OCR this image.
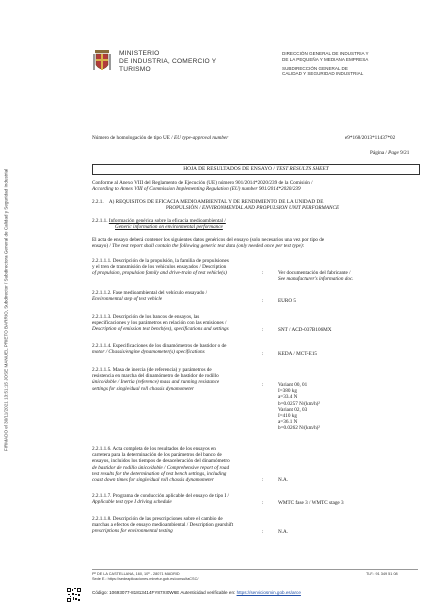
FIRMADO el 30/11/2021 13:51:15 JOSE MANUEL PRIETO BARRIO, Subdirector / Subdirectora General de Calidad y Seguridad Industrial
MINISTERIO
DE INDUSTRIA, COMERCIO Y
TURISMO
DIRECCIÓN GENERAL DE INDUSTRIA Y
DE LA PEQUEÑA Y MEDIANA EMPRESA
SUBDIRECCIÓN GENERAL DE
CALIDAD Y SEGURIDAD INDUSTRIAL
Número de homologación de tipo UE / EU type-approval number	e9*168/2013*11437*02
Página / Page 9/21
HOJA DE RESULTADOS DE ENSAYO / TEST RESULTS SHEET
Conforme al Anexo VIII del Reglamento de Ejecución (UE) número 901/2014*2020/239 de la Comisión /
According to Annex VIII of Commission Implementing Regulation (EU) number 901/2014*2020/239
2.2.1. A) REQUISITOS DE EFICACIA MEDIOAMBIENTAL Y DE RENDIMIENTO DE LA UNIDAD DE
PROPULSIÓN / ENVIRONMENTAL AND PROPULSION UNIT PERFORMANCE
2.2.1.1. Información genérica sobre la eficacia medioambiental /
Generic information on environmental performance
El acta de ensayo deberá contener los siguientes datos genéricos del ensayo (solo necesarios una vez por tipo de
ensayo) / The test report shall contain the following generic test data (only needed once per test type):
2.2.1.1.1. Descripción de la propulsión, la familia de propulsiones
y el tren de transmisión de los vehículos ensayados / Description
of propulsion, propulsion family and drive-train of test vehicle(s)	:	Ver documentación del fabricante /
See manufacturer's information doc.
2.2.1.1.2. Fase medioambiental del vehículo ensayado /
Environmental step of test vehicle	:	EURO 5
2.2.1.1.3. Descripción de los bancos de ensayos, las
especificaciones y los parámetros en relación con las emisiones /
Description of emission test bench(es), specifications and settings	:	SNT / ACD-037B106MX
2.2.1.1.4. Especificaciones de los dinamómetros de bastidor o de
motor / Chassis/engine dynamometer(s) specifications	:	KEDA / MCT-E15
2.2.1.1.5. Masa de inercia (de referencia) y parámetros de
resistencia en marcha del dinamómetro de bastidor de rodillo
único/doble / Inertia (reference) mass and running resistance
settings for single/dual roll chassis dynamometer
:	Variant 00, 01
I=380 kg
a=33.4 N
b=0.0257 N/(km/h)²
Variant 02, 03
I=410 kg
a=36.1 N
b=0.0262 N/(km/h)²
2.2.1.1.6. Acta completa de los resultados de los ensayos en
carretera para la determinación de los parámetros del banco de
ensayos, incluidos los tiempos de desaceleración del dinamómetro
de bastidor de rodillo único/doble / Comprehensive report of road
test results for the determination of test bench settings, including
coast down times for single/dual roll chassis dynamometer	:	N.A.
2.2.1.1.7. Programa de conducción aplicable del ensayo de tipo I /
Applicable test type I driving schedule	:	WMTC fase 3 / WMTC stage 3
2.2.1.1.8. Descripción de las prescripciones sobre el cambio de
marchas a efectos de ensayo medioambiental / Description gearshift
prescriptions for environmental testing	:	N.A.
Pº DE LA CASTELLANA, 160, 10º - 28071 MADRID
Sede E.: https://sedeaplicaciones.minetur.gob.es/consultaCSC/
TLF.: 91 349 51 08
Código: 10693077-81813414FY87XI0W6E Autenticidad verificable en: https://serviciosmin.gob.es/arce
